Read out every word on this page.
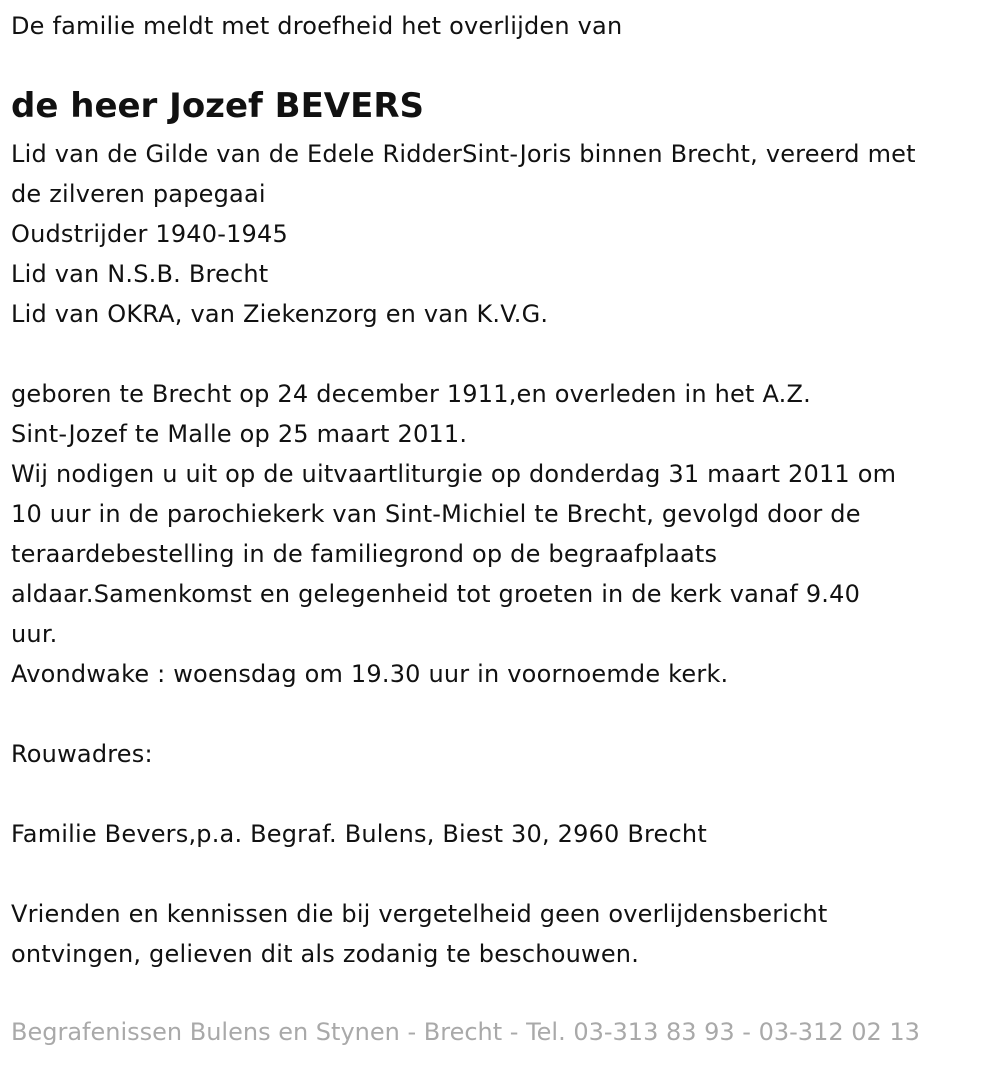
De familie meldt met droefheid het overlijden van
de heer Jozef BEVERS
Lid van de Gilde van de Edele RidderSint-Joris binnen Brecht, vereerd met
de zilveren papegaai
Oudstrijder 1940-1945
Lid van N.S.B. Brecht
Lid van OKRA, van Ziekenzorg en van K.V.G.
geboren te Brecht op 24 december 1911,en overleden in het A.Z.
Sint-Jozef te Malle op 25 maart 2011.
Wij nodigen u uit op de uitvaartliturgie op donderdag 31 maart 2011 om
10 uur in de parochiekerk van Sint-Michiel te Brecht, gevolgd door de
teraardebestelling in de familiegrond op de begraafplaats
aldaar.Samenkomst en gelegenheid tot groeten in de kerk vanaf 9.40
uur.
Avondwake : woensdag om 19.30 uur in voornoemde kerk.
Rouwadres:
Familie Bevers,p.a. Begraf. Bulens, Biest 30, 2960 Brecht
Vrienden en kennissen die bij vergetelheid geen overlijdensbericht
ontvingen, gelieven dit als zodanig te beschouwen.
Begrafenissen Bulens en Stynen - Brecht - Tel. 03-313 83 93 - 03-312 02 13
